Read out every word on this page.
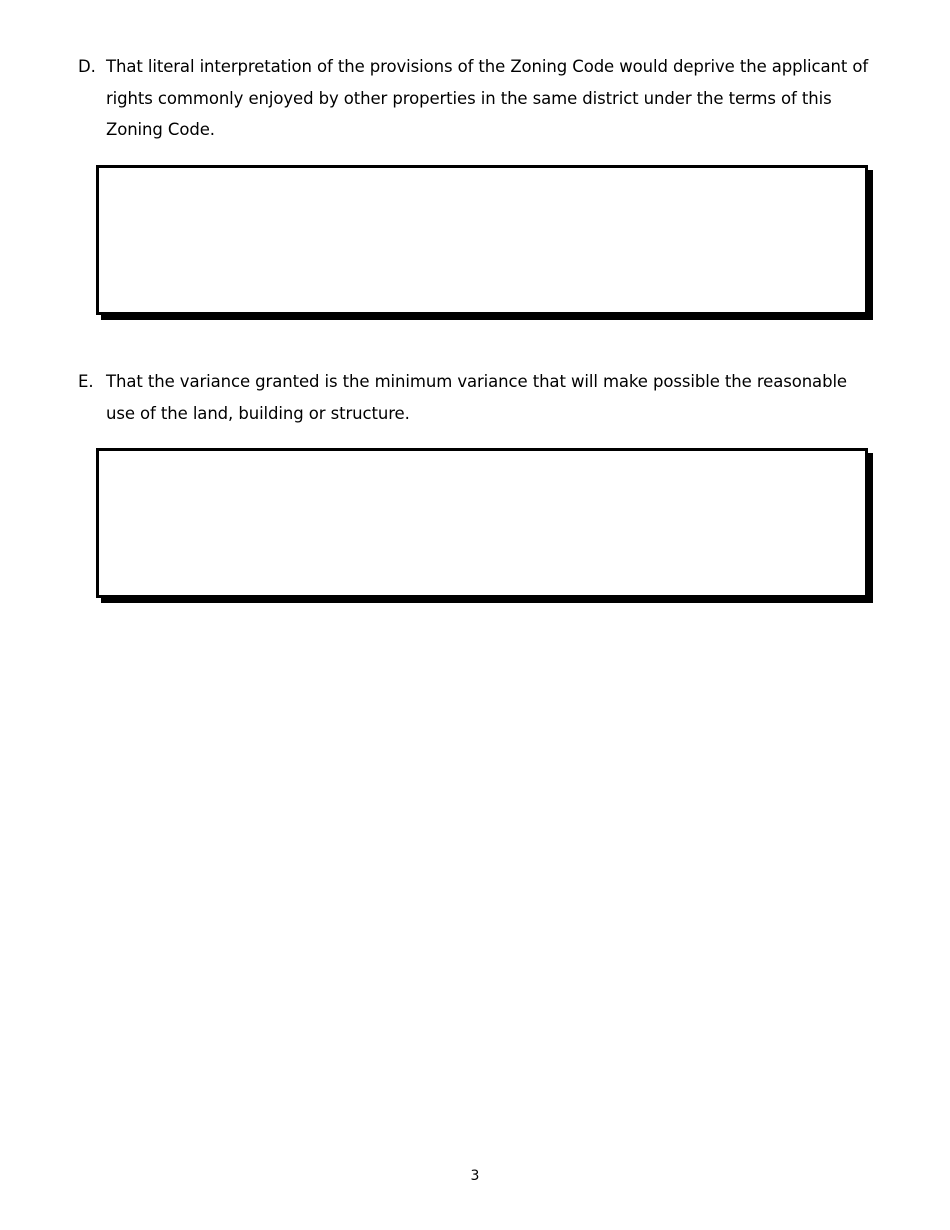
D. That literal interpretation of the provisions of the Zoning Code would deprive the applicant of rights commonly enjoyed by other properties in the same district under the terms of this Zoning Code.
E. That the variance granted is the minimum variance that will make possible the reasonable use of the land, building or structure.
3
